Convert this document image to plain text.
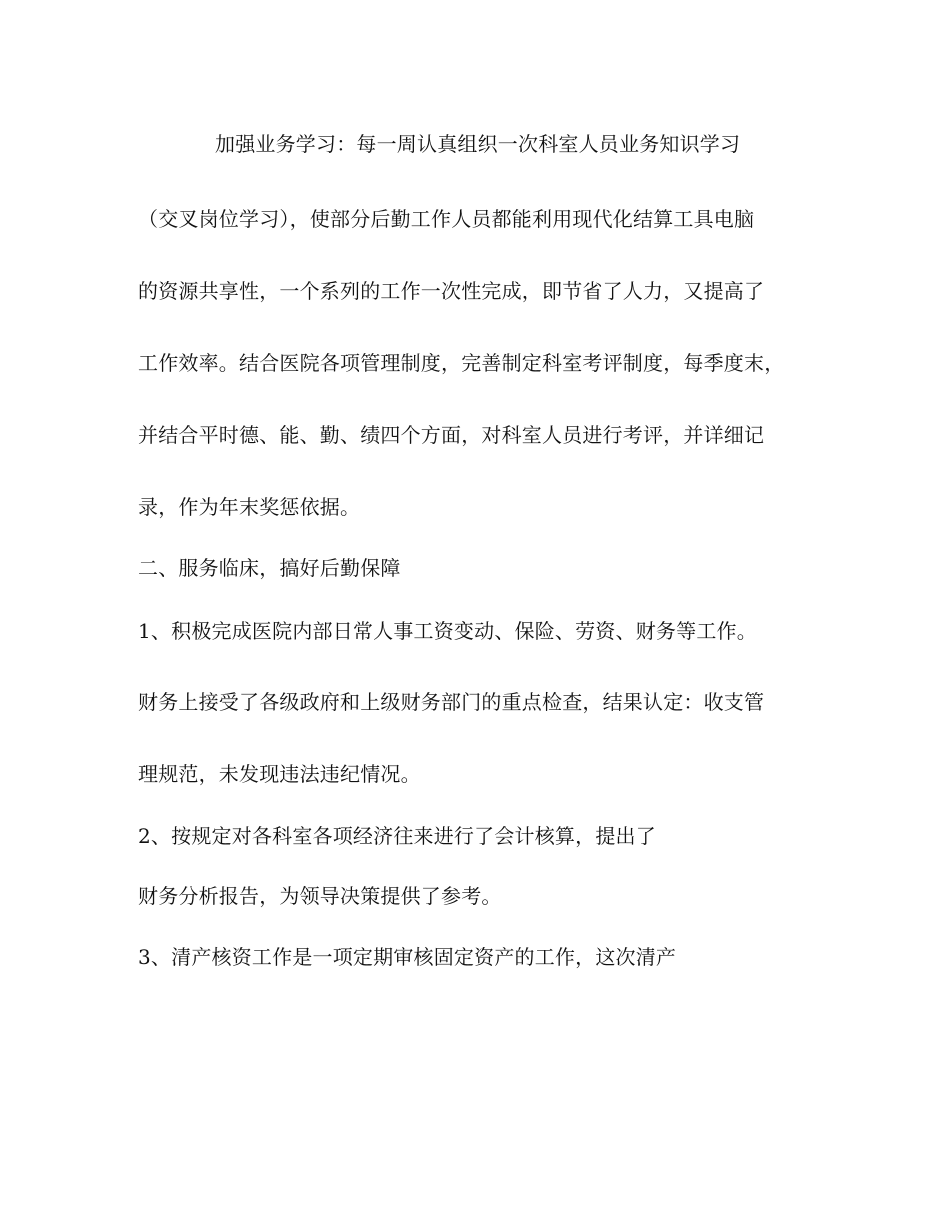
加强业务学习：每一周认真组织一次科室人员业务知识学习
（交叉岗位学习），使部分后勤工作人员都能利用现代化结算工具电脑
的资源共享性，一个系列的工作一次性完成，即节省了人力，又提高了
工作效率。结合医院各项管理制度，完善制定科室考评制度，每季度末，
并结合平时德、能、勤、绩四个方面，对科室人员进行考评，并详细记
录，作为年末奖惩依据。
二、服务临床，搞好后勤保障
1、积极完成医院内部日常人事工资变动、保险、劳资、财务等工作。
财务上接受了各级政府和上级财务部门的重点检查，结果认定：收支管
理规范，未发现违法违纪情况。
2、按规定对各科室各项经济往来进行了会计核算，提出了
财务分析报告，为领导决策提供了参考。
3、清产核资工作是一项定期审核固定资产的工作，这次清产
